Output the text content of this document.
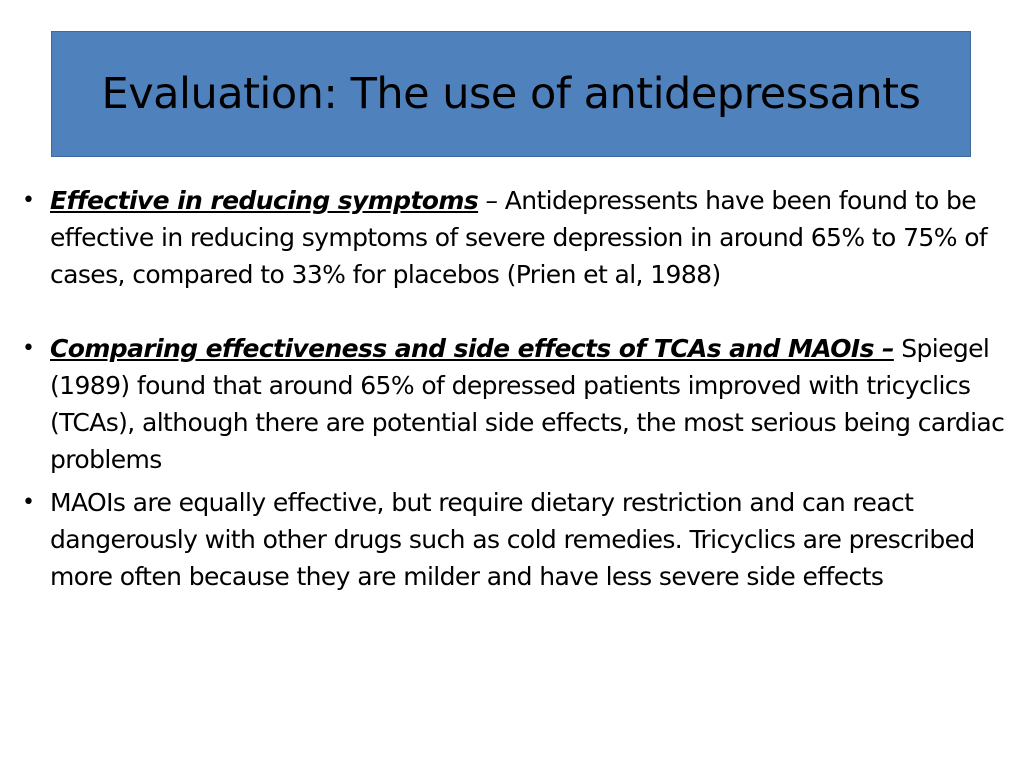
Evaluation: The use of antidepressants
• Effective in reducing symptoms – Antidepressents have been found to be effective in reducing symptoms of severe depression in around 65% to 75% of cases, compared to 33% for placebos (Prien et al, 1988)
• Comparing effectiveness and side effects of TCAs and MAOIs – Spiegel (1989) found that around 65% of depressed patients improved with tricyclics (TCAs), although there are potential side effects, the most serious being cardiac problems
• MAOIs are equally effective, but require dietary restriction and can react dangerously with other drugs such as cold remedies. Tricyclics are prescribed more often because they are milder and have less severe side effects
